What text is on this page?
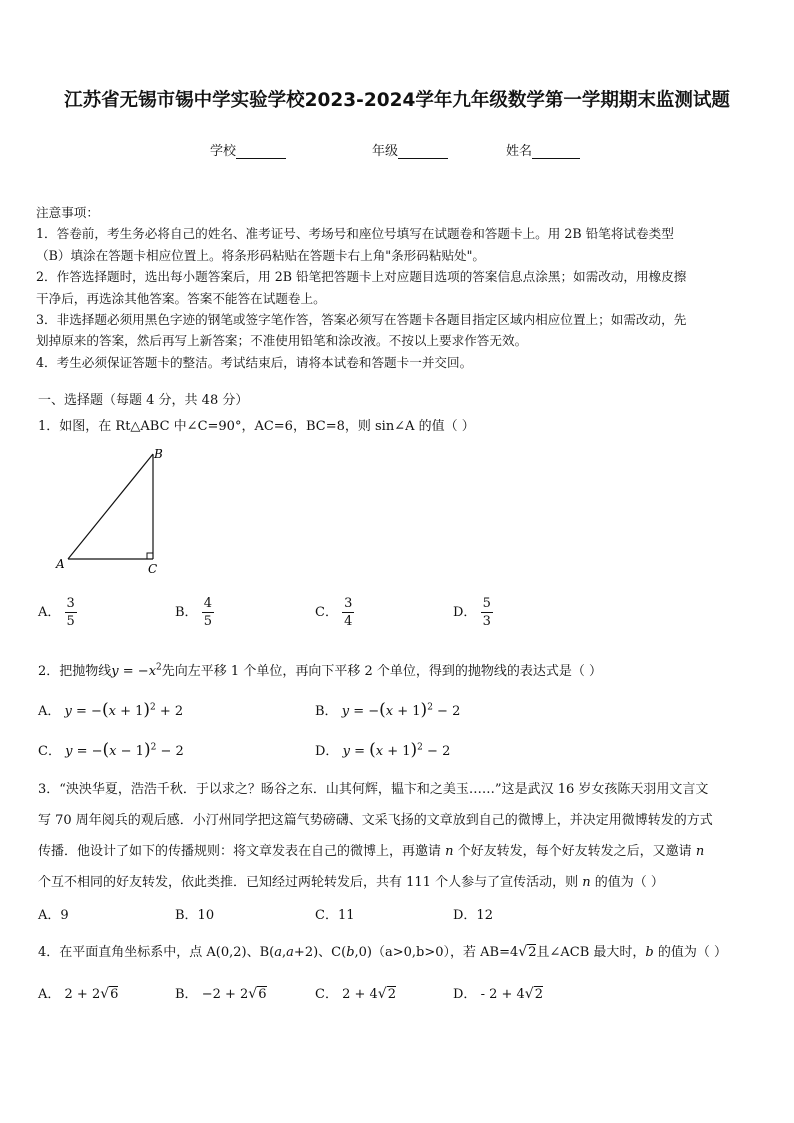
江苏省无锡市锡中学实验学校2023-2024学年九年级数学第一学期期末监测试题
学校	年级	姓名

注意事项：

1．答卷前，考生务必将自己的姓名、准考证号、考场号和座位号填写在试题卷和答题卡上。用 2B 铅笔将试卷类型

（B）填涂在答题卡相应位置上。将条形码粘贴在答题卡右上角"条形码粘贴处"。

2．作答选择题时，选出每小题答案后，用 2B 铅笔把答题卡上对应题目选项的答案信息点涂黑；如需改动，用橡皮擦

干净后，再选涂其他答案。答案不能答在试题卷上。

3．非选择题必须用黑色字迹的钢笔或签字笔作答，答案必须写在答题卡各题目指定区域内相应位置上；如需改动，先

划掉原来的答案，然后再写上新答案；不准使用铅笔和涂改液。不按以上要求作答无效。

4．考生必须保证答题卡的整洁。考试结束后，请将本试卷和答题卡一并交回。

一、选择题（每题 4 分，共 48 分）
1．如图，在 Rt△ABC 中∠C=90°，AC=6，BC=8，则 sin∠A 的值（ ）
B
A	C
A． $\frac{3}{5}$	B． $\frac{4}{5}$	C． $\frac{3}{4}$	D． $\frac{5}{3}$
2．把抛物线$y = -x^2$先向左平移 1 个单位，再向下平移 2 个单位，得到的抛物线的表达式是（ ）
A． $y = -(x + 1)^2 + 2$	B． $y = -(x + 1)^2 - 2$
C． $y = -(x - 1)^2 - 2$	D． $y = (x + 1)^2 - 2$
3．“泱泱华夏，浩浩千秋．于以求之？旸谷之东．山其何辉，韫卞和之美玉……”这是武汉 16 岁女孩陈天羽用文言文
写 70 周年阅兵的观后感．小汀州同学把这篇气势磅礴、文采飞扬的文章放到自己的微博上，并决定用微博转发的方式
传播．他设计了如下的传播规则：将文章发表在自己的微博上，再邀请 n 个好友转发，每个好友转发之后，又邀请 n
个互不相同的好友转发，依此类推．已知经过两轮转发后，共有 111 个人参与了宣传活动，则 n 的值为（ ）
A．9	B．10	C．11	D．12
4．在平面直角坐标系中，点 A(0,2)、B(a,a+2)、C(b,0)（a>0,b>0），若 AB=4√2且∠ACB 最大时，b 的值为（ ）
A． 2 + 2√6	B． −2 + 2√6	C． 2 + 4√2	D． - 2 + 4√2
